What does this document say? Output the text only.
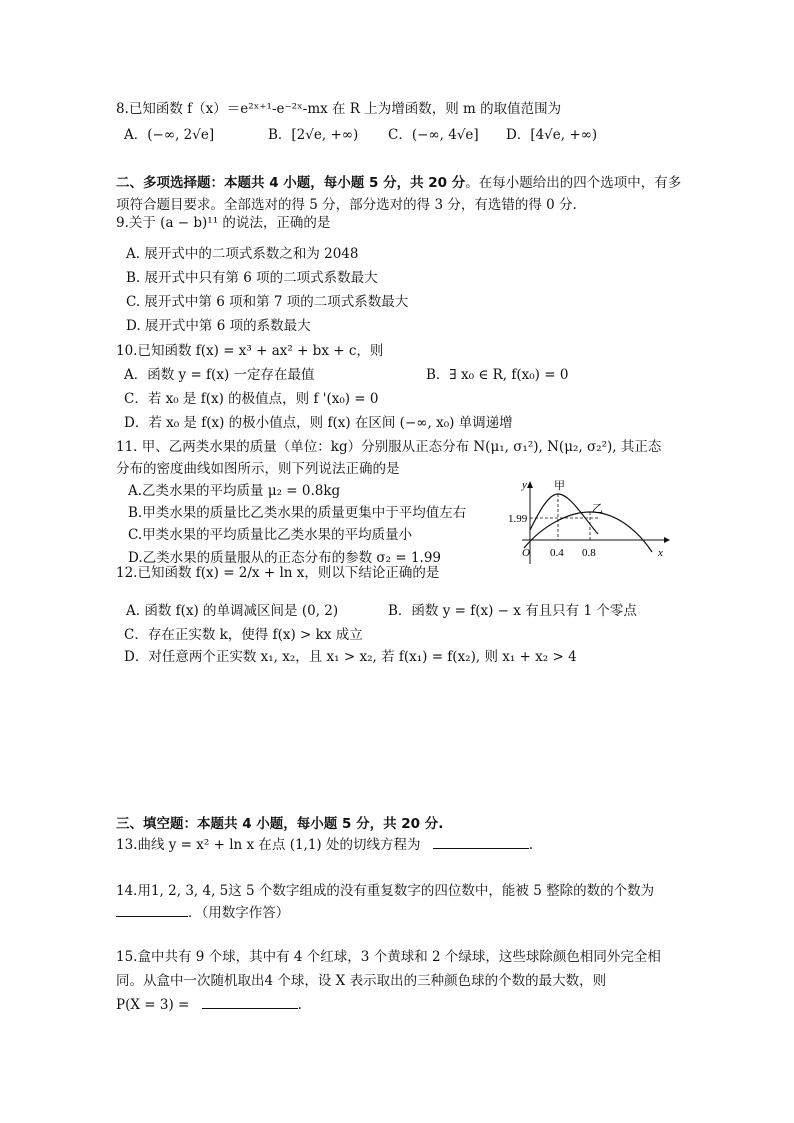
8.已知函数 f（x）＝e²ˣ⁺¹-e⁻²ˣ-mx 在 R 上为增函数，则 m 的取值范围为
A．(−∞, 2√e]	B．[2√e, +∞) C．(−∞, 4√e] D．[4√e, +∞)
二、多项选择题：本题共 4 小题，每小题 5 分，共 20 分。在每小题给出的四个选项中，有多
项符合题目要求。全部选对的得 5 分，部分选对的得 3 分，有选错的得 0 分.
9.关于 (a − b)¹¹ 的说法，正确的是
A. 展开式中的二项式系数之和为 2048
B. 展开式中只有第 6 项的二项式系数最大
C. 展开式中第 6 项和第 7 项的二项式系数最大
D. 展开式中第 6 项的系数最大
10.已知函数 f(x) = x³ + ax² + bx + c，则
A．函数 y = f(x) 一定存在最值	B．∃ x₀ ∈ R, f(x₀) = 0
C．若 x₀ 是 f(x) 的极值点，则 f '(x₀) = 0
D．若 x₀ 是 f(x) 的极小值点，则 f(x) 在区间 (−∞, x₀) 单调递增
11. 甲、乙两类水果的质量（单位：kg）分别服从正态分布 N(μ₁, σ₁²), N(μ₂, σ₂²), 其正态
分布的密度曲线如图所示，则下列说法正确的是
A.乙类水果的平均质量 μ₂ = 0.8kg
B.甲类水果的质量比乙类水果的质量更集中于平均值左右
C.甲类水果的平均质量比乙类水果的平均质量小
D.乙类水果的质量服从的正态分布的参数 σ₂ = 1.99
y 甲
乙
1.99
O 0.4 0.8	x
12.已知函数 f(x) = 2/x + ln x，则以下结论正确的是
A. 函数 f(x) 的单调减区间是 (0, 2)	B．函数 y = f(x) − x 有且只有 1 个零点
C．存在正实数 k，使得 f(x) > kx 成立
D．对任意两个正实数 x₁, x₂，且 x₁ > x₂, 若 f(x₁) = f(x₂), 则 x₁ + x₂ > 4
三、填空题：本题共 4 小题，每小题 5 分，共 20 分.
13.曲线 y = x² + ln x 在点 (1,1) 处的切线方程为	.
14.用1, 2, 3, 4, 5这 5 个数字组成的没有重复数字的四位数中，能被 5 整除的数的个数为
．（用数字作答）
15.盒中共有 9 个球，其中有 4 个红球，3 个黄球和 2 个绿球，这些球除颜色相同外完全相
同。从盒中一次随机取出4 个球，设 X 表示取出的三种颜色球的个数的最大数，则
P(X = 3) =	.
